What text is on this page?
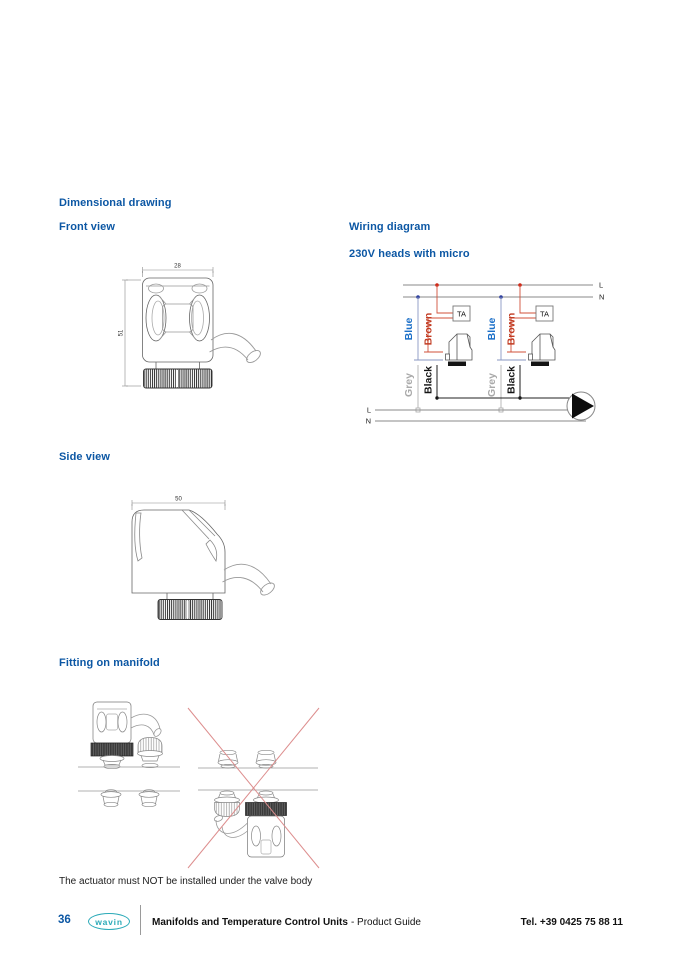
Dimensional drawing
Front view	Wiring diagram
230V heads with micro
Side view
Fitting on manifold
28
51
L
N
TA
Blue Brown
Grey Black
TA
Blue Brown
Grey Black
L
N
50
The actuator must NOT be installed under the valve body
36	wavin	Manifolds and Temperature Control Units - Product Guide	Tel. +39 0425 75 88 11
